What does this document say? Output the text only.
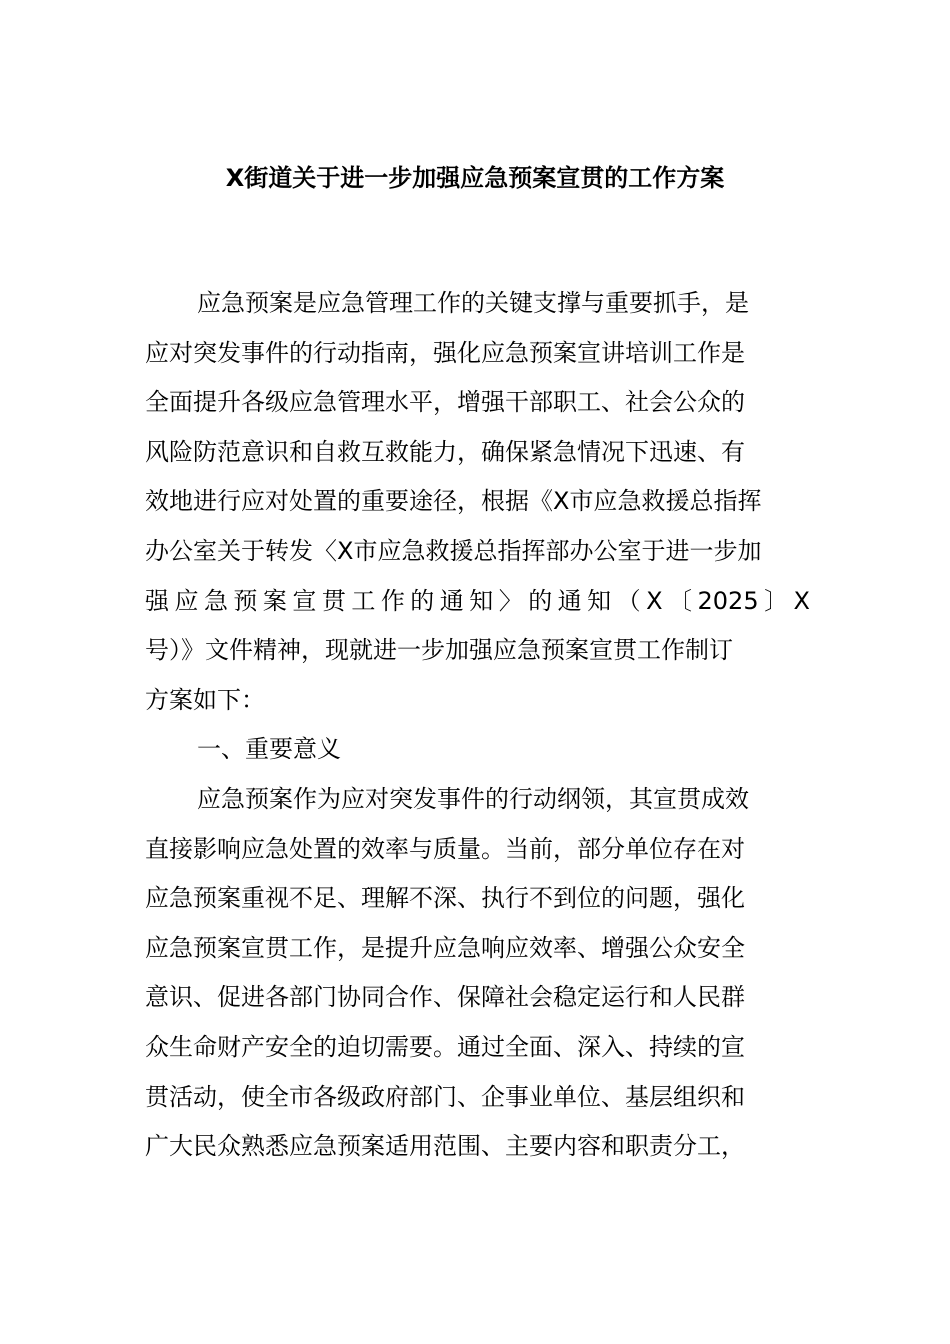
X街道关于进一步加强应急预案宣贯的工作方案
应急预案是应急管理工作的关键支撑与重要抓手，是
应对突发事件的行动指南，强化应急预案宣讲培训工作是
全面提升各级应急管理水平，增强干部职工、社会公众的
风险防范意识和自救互救能力，确保紧急情况下迅速、有
效地进行应对处置的重要途径，根据《X市应急救援总指挥
办公室关于转发〈X市应急救援总指挥部办公室于进一步加
强应急预案宣贯工作的通知〉的通知（X〔2025〕X
号）》文件精神，现就进一步加强应急预案宣贯工作制订
方案如下：
一、重要意义
应急预案作为应对突发事件的行动纲领，其宣贯成效
直接影响应急处置的效率与质量。当前，部分单位存在对
应急预案重视不足、理解不深、执行不到位的问题，强化
应急预案宣贯工作，是提升应急响应效率、增强公众安全
意识、促进各部门协同合作、保障社会稳定运行和人民群
众生命财产安全的迫切需要。通过全面、深入、持续的宣
贯活动，使全市各级政府部门、企事业单位、基层组织和
广大民众熟悉应急预案适用范围、主要内容和职责分工，
